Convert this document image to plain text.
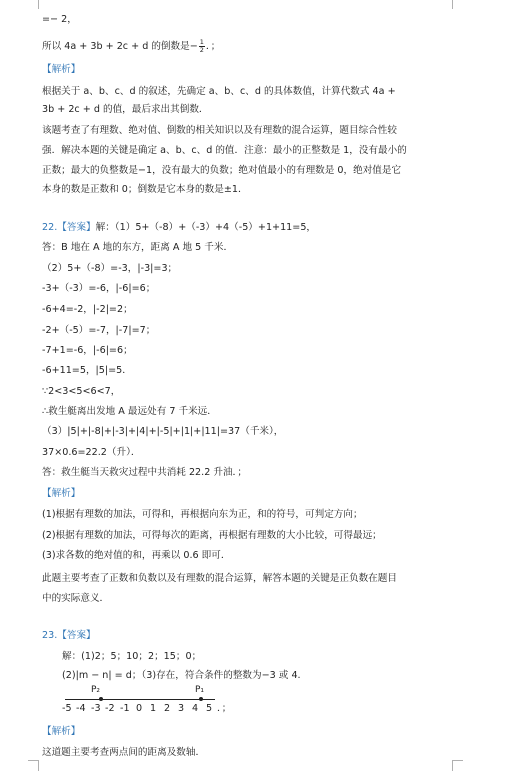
=− 2，
所以 4a + 3b + 2c + d 的倒数是− $\frac{1}{2}$ ．；
【解析】
根据关于 a、b、c、d 的叙述，先确定 a、b、c、d 的具体数值，计算代数式 4a +
3b + 2c + d 的值，最后求出其倒数．
该题考查了有理数、绝对值、倒数的相关知识以及有理数的混合运算，题目综合性较
强．解决本题的关键是确定 a、b、c、d 的值．注意：最小的正整数是 1，没有最小的
正数；最大的负整数是−1，没有最大的负数；绝对值最小的有理数是 0，绝对值是它
本身的数是正数和 0；倒数是它本身的数是±1．
22.【答案】解：（1）5+（-8）+（-3）+4（-5）+1+11=5，
答：B 地在 A 地的东方，距离 A 地 5 千米．
（2）5+（-8）=-3，|-3|=3；
-3+（-3）=-6，|-6|=6；
-6+4=-2，|-2|=2；
-2+（-5）=-7，|-7|=7；
-7+1=-6，|-6|=6；
-6+11=5，|5|=5．
∵2<3<5<6<7，
∴救生艇离出发地 A 最远处有 7 千米远．
（3）|5|+|-8|+|-3|+|4|+|-5|+|1|+|11|=37（千米），
37×0.6=22.2（升）．
答：救生艇当天救灾过程中共消耗 22.2 升油．；
【解析】
(1)根据有理数的加法，可得和，再根据向东为正，和的符号，可判定方向；
(2)根据有理数的加法，可得每次的距离，再根据有理数的大小比较，可得最远；
(3)求各数的绝对值的和，再乘以 0.6 即可．
此题主要考查了正数和负数以及有理数的混合运算，解答本题的关键是正负数在题目
中的实际意义．
23.【答案】
解：(1)2；5；10；2；15；0；
(2)|m − n| = d；（3)存在，符合条件的整数为−3 或 4.
P₂	P₁
-5 -4 -3 -2 -1 0 1 2 3 4 5 ．；
【解析】
这道题主要考查两点间的距离及数轴．
